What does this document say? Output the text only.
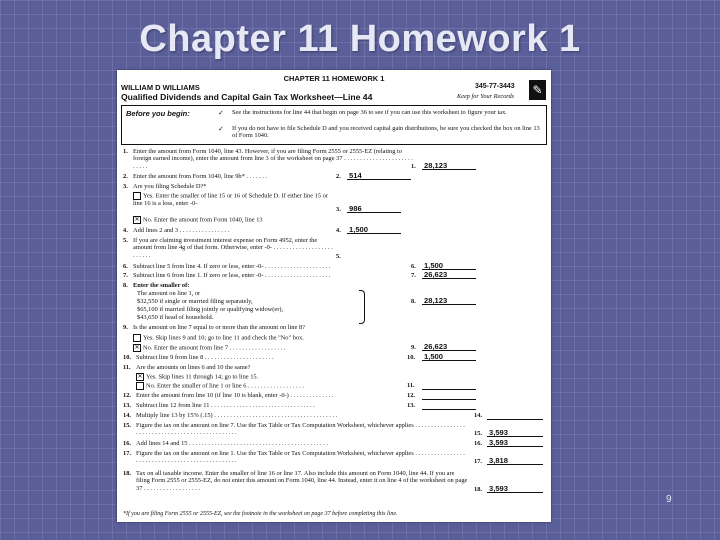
Chapter 11 Homework 1
CHAPTER 11 HOMEWORK 1
WILLIAM D WILLIAMS	345-77-3443
Qualified Dividends and Capital Gain Tax Worksheet—Line 44	Keep for Your Records ✎
Before you begin:	✓ See the instructions for line 44 that begin on page 36 to see if you can use this worksheet to figure your tax.
✓ If you do not have to file Schedule D and you received capital gain distributions, be sure you checked the box on line 13 of Form 1040.
1. Enter the amount from Form 1040, line 43. However, if you are filing Form 2555 or 2555-EZ (relating to foreign earned income), enter the amount from line 3 of the worksheet on page 37 . . . . . . . . . . . . . . . . . . . . . . . . . . .	1. 28,123
2. Enter the amount from Form 1040, line 9b* . . . . . . .	2. 514
3. Are you filing Schedule D?*
Yes. Enter the smaller of line 15 or 16 of Schedule D. If either line 15 or line 16 is a loss, enter -0-
3. 986
✕ No. Enter the amount from Form 1040, line 13
4. Add lines 2 and 3 . . . . . . . . . . . . . . . .	4. 1,500
5. If you are claiming investment interest expense on Form 4952, enter the amount from line 4g of that form. Otherwise, enter -0- . . . . . . . . . . . . . . . . . . . . . . . . .	5.
6. Subtract line 5 from line 4. If zero or less, enter -0- . . . . . . . . . . . . . . . . . . . . .	6. 1,500
7. Subtract line 6 from line 1. If zero or less, enter -0- . . . . . . . . . . . . . . . . . . . . .	7. 26,623
8. Enter the smaller of:
The amount on line 1, or
$32,550 if single or married filing separately,	8. 28,123
$65,100 if married filing jointly or qualifying widow(er),
$43,650 if head of household.
9. Is the amount on line 7 equal to or more than the amount on line 8?
Yes. Skip lines 9 and 10; go to line 11 and check the "No" box.
✕ No. Enter the amount from line 7 . . . . . . . . . . . . . . . . . .	9. 26,623
10. Subtract line 9 from line 8 . . . . . . . . . . . . . . . . . . . . . .	10. 1,500
11. Are the amounts on lines 6 and 10 the same?
✕ Yes. Skip lines 11 through 14; go to line 15.
No. Enter the smaller of line 1 or line 6 . . . . . . . . . . . . . . . . . .	11.
12. Enter the amount from line 10 (if line 10 is blank, enter -0-) . . . . . . . . . . . . . .	12.
13. Subtract line 12 from line 11 . . . . . . . . . . . . . . . . . . . . . . . . . . . . . . . . .	13.
14. Multiply line 13 by 15% (.15) . . . . . . . . . . . . . . . . . . . . . . . . . . . . . . . . . . . . . . .	14.
15. Figure the tax on the amount on line 7. Use the Tax Table or Tax Computation Worksheet, whichever applies . . . . . . . . . . . . . . . . . . . . . . . . . . . . . . . . . . . . . . . . . . . . . . . .	15. 3,593
16. Add lines 14 and 15 . . . . . . . . . . . . . . . . . . . . . . . . . . . . . . . . . . . . . . . . . . . .	16. 3,593
17. Figure the tax on the amount on line 1. Use the Tax Table or Tax Computation Worksheet, whichever applies . . . . . . . . . . . . . . . . . . . . . . . . . . . . . . . . . . . . . . . . . . . . . . . .	17. 3,818
18. Tax on all taxable income. Enter the smaller of line 16 or line 17. Also include this amount on Form 1040, line 44. If you are filing Form 2555 or 2555-EZ, do not enter this amount on Form 1040, line 44. Instead, enter it on line 4 of the worksheet on page 37 . . . . . . . . . . . . . . . . . .	18. 3,593
*If you are filing Form 2555 or 2555-EZ, see the footnote in the worksheet on page 37 before completing this line.
9
